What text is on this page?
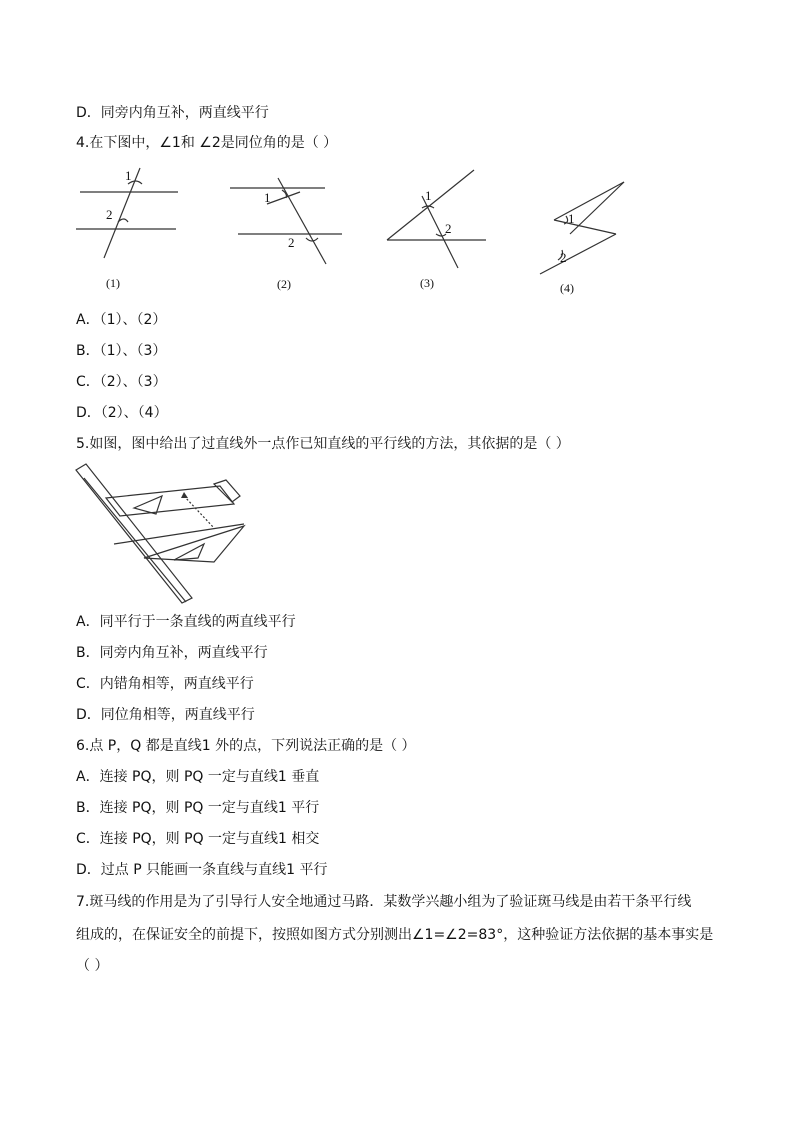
D．同旁内角互补，两直线平行
4.在下图中，∠1和 ∠2是同位角的是（ ）
1
2
1
2
1
2
1
2
(1)	(2)	(3)	(4)
A．（1）、（2）
B．（1）、（3）
C．（2）、（3）
D．（2）、（4）
5.如图，图中给出了过直线外一点作已知直线的平行线的方法，其依据的是（ ）
A．同平行于一条直线的两直线平行
B．同旁内角互补，两直线平行
C．内错角相等，两直线平行
D．同位角相等，两直线平行
6.点 P，Q 都是直线1 外的点，下列说法正确的是（ ）
A．连接 PQ，则 PQ 一定与直线1 垂直
B．连接 PQ，则 PQ 一定与直线1 平行
C．连接 PQ，则 PQ 一定与直线1 相交
D．过点 P 只能画一条直线与直线1 平行
7.斑马线的作用是为了引导行人安全地通过马路．某数学兴趣小组为了验证斑马线是由若干条平行线
组成的，在保证安全的前提下，按照如图方式分别测出∠1=∠2=83°，这种验证方法依据的基本事实是
（ ）
